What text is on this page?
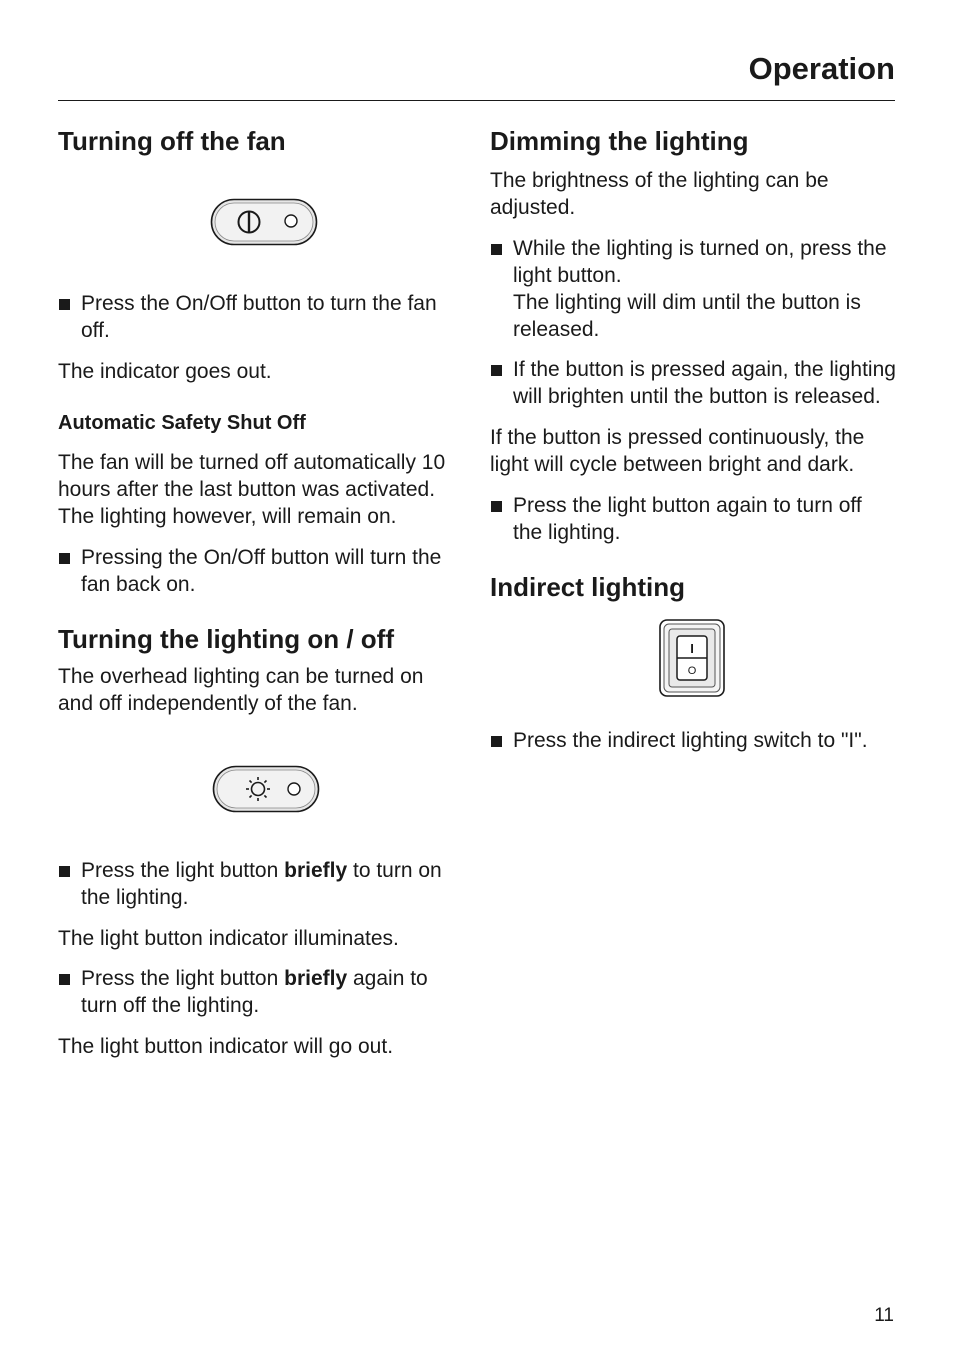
Operation
Turning off the fan

Press the On/Off button to turn the fan off.

The indicator goes out.

Automatic Safety Shut Off

The fan will be turned off automatically 10 hours after the last button was activated. The lighting however, will remain on.

Pressing the On/Off button will turn the fan back on.

Turning the lighting on / off

The overhead lighting can be turned on and off independently of the fan.

Press the light button briefly to turn on the lighting.

The light button indicator illuminates.

Press the light button briefly again to turn off the lighting.

The light button indicator will go out.

Dimming the lighting

The brightness of the lighting can be adjusted.

While the lighting is turned on, press the light button.
The lighting will dim until the button is released.

If the button is pressed again, the lighting will brighten until the button is released.

If the button is pressed continuously, the light will cycle between bright and dark.

Press the light button again to turn off the lighting.

Indirect lighting
I
O

Press the indirect lighting switch to "I".

11
